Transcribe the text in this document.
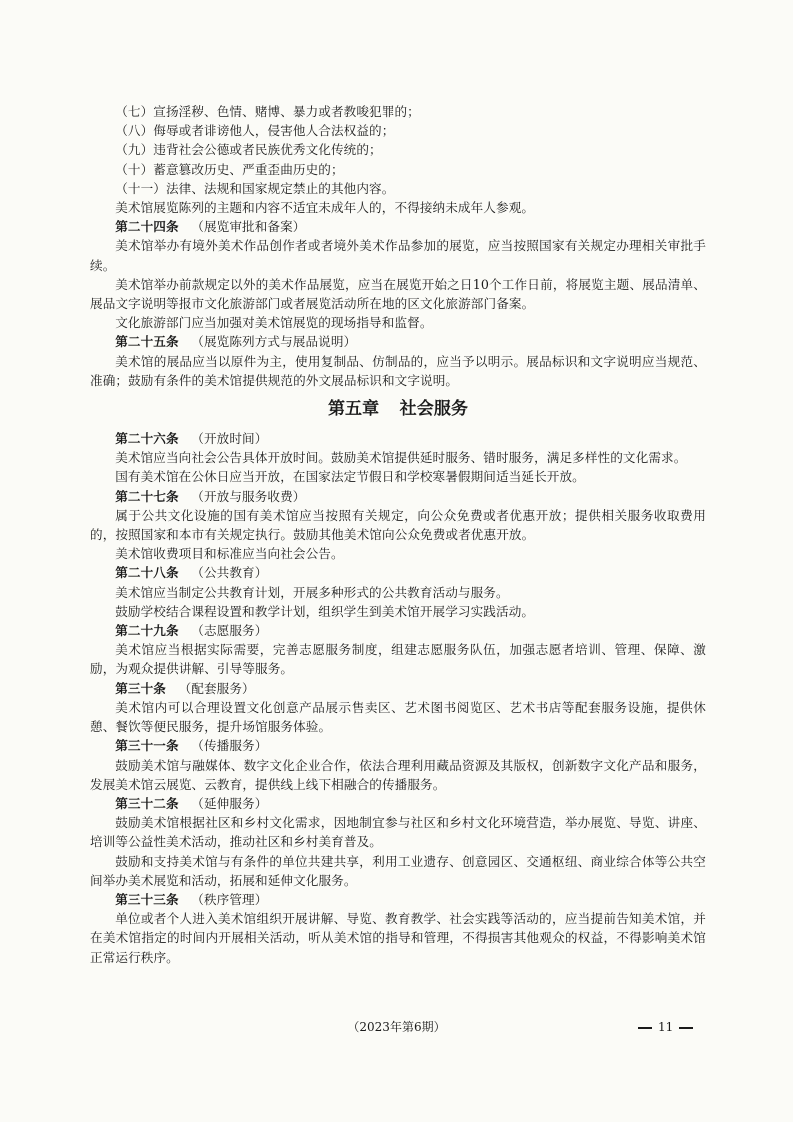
（七）宣扬淫秽、色情、赌博、暴力或者教唆犯罪的；

（八）侮辱或者诽谤他人，侵害他人合法权益的；

（九）违背社会公德或者民族优秀文化传统的；

（十）蓄意篡改历史、严重歪曲历史的；

（十一）法律、法规和国家规定禁止的其他内容。

美术馆展览陈列的主题和内容不适宜未成年人的，不得接纳未成年人参观。

第二十四条 （展览审批和备案）

美术馆举办有境外美术作品创作者或者境外美术作品参加的展览，应当按照国家有关规定办理相关审批手续。

美术馆举办前款规定以外的美术作品展览，应当在展览开始之日10个工作日前，将展览主题、展品清单、展品文字说明等报市文化旅游部门或者展览活动所在地的区文化旅游部门备案。

文化旅游部门应当加强对美术馆展览的现场指导和监督。

第二十五条 （展览陈列方式与展品说明）

美术馆的展品应当以原件为主，使用复制品、仿制品的，应当予以明示。展品标识和文字说明应当规范、准确；鼓励有条件的美术馆提供规范的外文展品标识和文字说明。

第五章 社会服务

第二十六条 （开放时间）

美术馆应当向社会公告具体开放时间。鼓励美术馆提供延时服务、错时服务，满足多样性的文化需求。

国有美术馆在公休日应当开放，在国家法定节假日和学校寒暑假期间适当延长开放。

第二十七条 （开放与服务收费）

属于公共文化设施的国有美术馆应当按照有关规定，向公众免费或者优惠开放；提供相关服务收取费用的，按照国家和本市有关规定执行。鼓励其他美术馆向公众免费或者优惠开放。

美术馆收费项目和标准应当向社会公告。

第二十八条 （公共教育）

美术馆应当制定公共教育计划，开展多种形式的公共教育活动与服务。

鼓励学校结合课程设置和教学计划，组织学生到美术馆开展学习实践活动。

第二十九条 （志愿服务）

美术馆应当根据实际需要，完善志愿服务制度，组建志愿服务队伍，加强志愿者培训、管理、保障、激励，为观众提供讲解、引导等服务。

第三十条 （配套服务）

美术馆内可以合理设置文化创意产品展示售卖区、艺术图书阅览区、艺术书店等配套服务设施，提供休憩、餐饮等便民服务，提升场馆服务体验。

第三十一条 （传播服务）

鼓励美术馆与融媒体、数字文化企业合作，依法合理利用藏品资源及其版权，创新数字文化产品和服务，发展美术馆云展览、云教育，提供线上线下相融合的传播服务。

第三十二条 （延伸服务）

鼓励美术馆根据社区和乡村文化需求，因地制宜参与社区和乡村文化环境营造，举办展览、导览、讲座、培训等公益性美术活动，推动社区和乡村美育普及。

鼓励和支持美术馆与有条件的单位共建共享，利用工业遗存、创意园区、交通枢纽、商业综合体等公共空间举办美术展览和活动，拓展和延伸文化服务。

第三十三条 （秩序管理）

单位或者个人进入美术馆组织开展讲解、导览、教育教学、社会实践等活动的，应当提前告知美术馆，并在美术馆指定的时间内开展相关活动，听从美术馆的指导和管理，不得损害其他观众的权益，不得影响美术馆正常运行秩序。

（2023年第6期）	11
